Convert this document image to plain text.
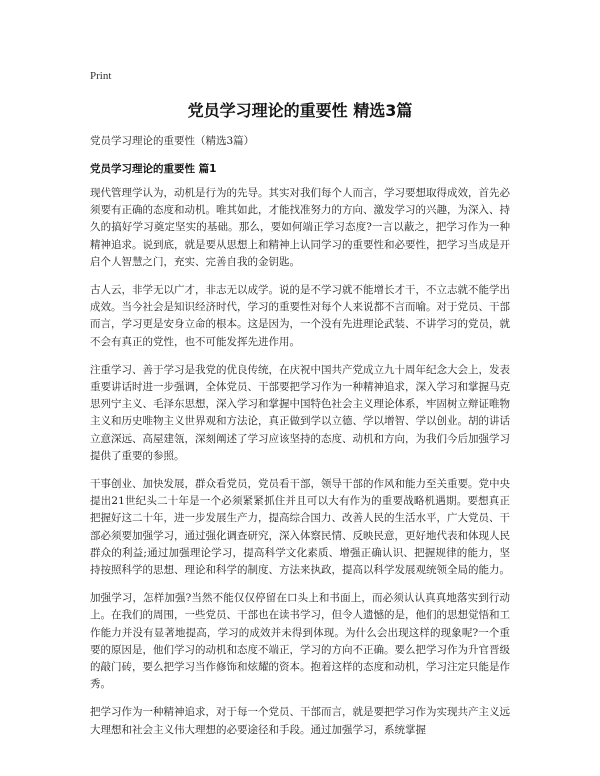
Print
党员学习理论的重要性 精选3篇
党员学习理论的重要性（精选3篇）
党员学习理论的重要性 篇1

现代管理学认为，动机是行为的先导。其实对我们每个人而言，学习要想取得成效，首先必须要有正确的态度和动机。唯其如此，才能找准努力的方向、激发学习的兴趣，为深入、持久的搞好学习奠定坚实的基础。那么，要如何端正学习态度?一言以蔽之，把学习作为一种精神追求。说到底，就是要从思想上和精神上认同学习的重要性和必要性，把学习当成是开启个人智慧之门，充实、完善自我的金钥匙。

古人云，非学无以广才，非志无以成学。说的是不学习就不能增长才干，不立志就不能学出成效。当今社会是知识经济时代，学习的重要性对每个人来说都不言而喻。对于党员、干部而言，学习更是安身立命的根本。这是因为，一个没有先进理论武装、不讲学习的党员，就不会有真正的党性，也不可能发挥先进作用。

注重学习、善于学习是我党的优良传统，在庆祝中国共产党成立九十周年纪念大会上，发表重要讲话时进一步强调，全体党员、干部要把学习作为一种精神追求，深入学习和掌握马克思列宁主义、毛泽东思想，深入学习和掌握中国特色社会主义理论体系，牢固树立辩证唯物主义和历史唯物主义世界观和方法论，真正做到学以立德、学以增智、学以创业。胡的讲话立意深远、高屋建瓴，深刻阐述了学习应该坚持的态度、动机和方向，为我们今后加强学习提供了重要的参照。

干事创业、加快发展，群众看党员，党员看干部，领导干部的作风和能力至关重要。党中央提出21世纪头二十年是一个必须紧紧抓住并且可以大有作为的重要战略机遇期。要想真正把握好这二十年，进一步发展生产力，提高综合国力、改善人民的生活水平，广大党员、干部必须要加强学习，通过强化调查研究，深入体察民情、反映民意，更好地代表和体现人民群众的利益;通过加强理论学习，提高科学文化素质、增强正确认识、把握规律的能力，坚持按照科学的思想、理论和科学的制度、方法来执政，提高以科学发展观统领全局的能力。

加强学习，怎样加强?当然不能仅仅停留在口头上和书面上，而必须认认真真地落实到行动上。在我们的周围，一些党员、干部也在读书学习，但令人遗憾的是，他们的思想觉悟和工作能力并没有显著地提高，学习的成效并未得到体现。为什么会出现这样的现象呢?一个重要的原因是，他们学习的动机和态度不端正，学习的方向不正确。要么把学习作为升官晋级的敲门砖，要么把学习当作修饰和炫耀的资本。抱着这样的态度和动机，学习注定只能是作秀。

把学习作为一种精神追求，对于每一个党员、干部而言，就是要把学习作为实现共产主义远大理想和社会主义伟大理想的必要途径和手段。通过加强学习，系统掌握
